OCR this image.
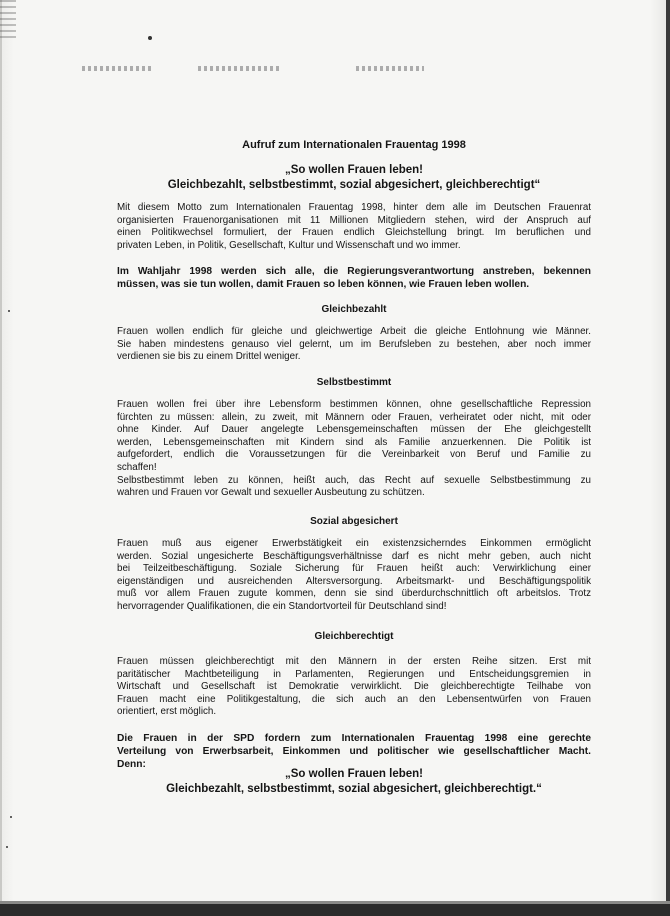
Aufruf zum Internationalen Frauentag 1998
„So wollen Frauen leben!
Gleichbezahlt, selbstbestimmt, sozial abgesichert, gleichberechtigt“
Mit diesem Motto zum Internationalen Frauentag 1998, hinter dem alle im Deutschen Frauenrat
organisierten Frauenorganisationen mit 11 Millionen Mitgliedern stehen, wird der Anspruch auf
einen Politikwechsel formuliert, der Frauen endlich Gleichstellung bringt. Im beruflichen und
privaten Leben, in Politik, Gesellschaft, Kultur und Wissenschaft und wo immer.
Im Wahljahr 1998 werden sich alle, die Regierungsverantwortung anstreben, bekennen
müssen, was sie tun wollen, damit Frauen so leben können, wie Frauen leben wollen.
Gleichbezahlt
Frauen wollen endlich für gleiche und gleichwertige Arbeit die gleiche Entlohnung wie Männer.
Sie haben mindestens genauso viel gelernt, um im Berufsleben zu bestehen, aber noch immer
verdienen sie bis zu einem Drittel weniger.
Selbstbestimmt
Frauen wollen frei über ihre Lebensform bestimmen können, ohne gesellschaftliche Repression
fürchten zu müssen: allein, zu zweit, mit Männern oder Frauen, verheiratet oder nicht, mit oder
ohne Kinder. Auf Dauer angelegte Lebensgemeinschaften müssen der Ehe gleichgestellt
werden, Lebensgemeinschaften mit Kindern sind als Familie anzuerkennen. Die Politik ist
aufgefordert, endlich die Voraussetzungen für die Vereinbarkeit von Beruf und Familie zu
schaffen!
Selbstbestimmt leben zu können, heißt auch, das Recht auf sexuelle Selbstbestimmung zu
wahren und Frauen vor Gewalt und sexueller Ausbeutung zu schützen.
Sozial abgesichert
Frauen muß aus eigener Erwerbstätigkeit ein existenzsicherndes Einkommen ermöglicht
werden. Sozial ungesicherte Beschäftigungsverhältnisse darf es nicht mehr geben, auch nicht
bei Teilzeitbeschäftigung. Soziale Sicherung für Frauen heißt auch: Verwirklichung einer
eigenständigen und ausreichenden Altersversorgung. Arbeitsmarkt- und Beschäftigungspolitik
muß vor allem Frauen zugute kommen, denn sie sind überdurchschnittlich oft arbeitslos. Trotz
hervorragender Qualifikationen, die ein Standortvorteil für Deutschland sind!
Gleichberechtigt
Frauen müssen gleichberechtigt mit den Männern in der ersten Reihe sitzen. Erst mit
paritätischer Machtbeteiligung in Parlamenten, Regierungen und Entscheidungsgremien in
Wirtschaft und Gesellschaft ist Demokratie verwirklicht. Die gleichberechtigte Teilhabe von
Frauen macht eine Politikgestaltung, die sich auch an den Lebensentwürfen von Frauen
orientiert, erst möglich.
Die Frauen in der SPD fordern zum Internationalen Frauentag 1998 eine gerechte
Verteilung von Erwerbsarbeit, Einkommen und politischer wie gesellschaftlicher Macht.
Denn:
„So wollen Frauen leben!
Gleichbezahlt, selbstbestimmt, sozial abgesichert, gleichberechtigt.“
